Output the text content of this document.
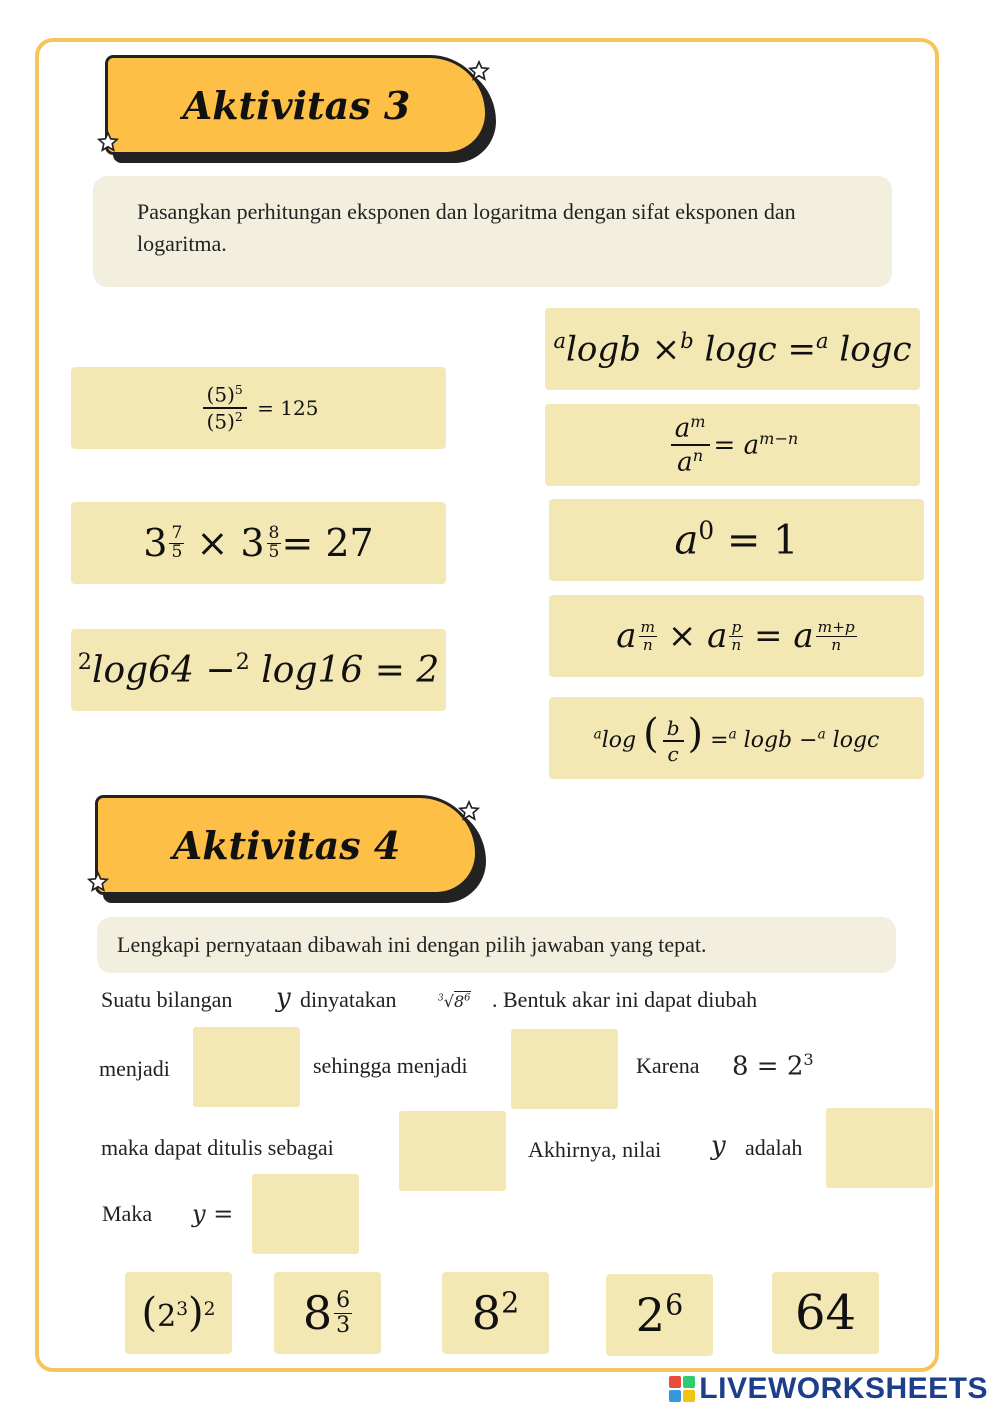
Aktivitas 3
Pasangkan perhitungan eksponen dan logaritma dengan sifat eksponen dan logaritma.
$\frac{(5)^5}{(5)^2} = 125$
$3 \frac{7}{5} \times 3 \frac{8}{5} = 27$
$^2$log64 −$^2$ log16 = 2
$^a$logb ×$^b$ logc =$^a$ logc
$\frac{a^m}{a^n} = a^{m-n}$
$a^0 = 1$
a $\frac{m}{n} \times a \frac{p}{n} = a$ m+p
n
$^a$log ( $\frac{b}{c}$ ) =$^a$ logb −$^a$ logc
Aktivitas 4
Lengkapi pernyataan dibawah ini dengan pilih jawaban yang tepat.
Suatu bilangan y dinyatakan	$^3√8^6$ . Bentuk akar ini dapat diubah
menjadi	sehingga menjadi	Karena $8 = 2^3$
maka dapat ditulis sebagai	Akhirnya, nilai y adalah
Maka y =
$(2^3)^2$ 8 6
3	$8^2$	$2^6$ 64
LIVEWORKSHEETS
